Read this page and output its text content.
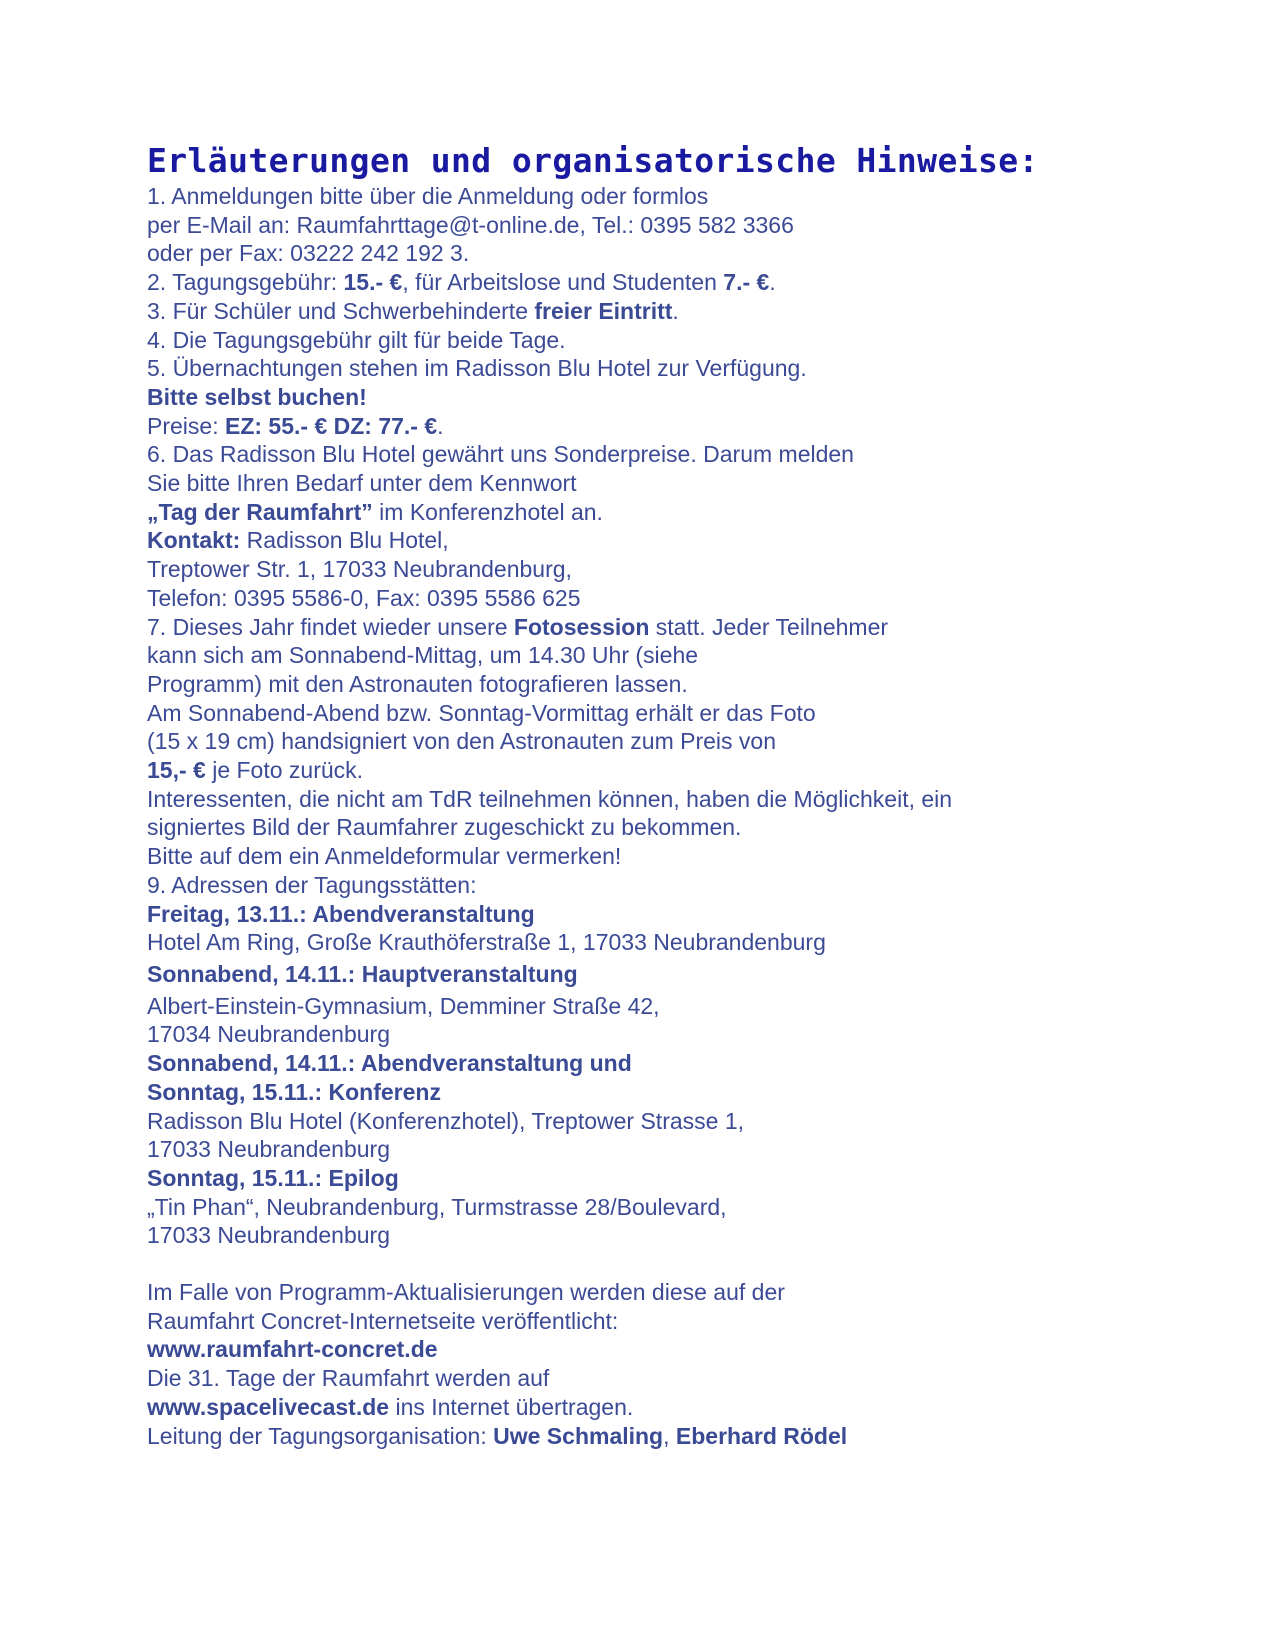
Erläuterungen und organisatorische Hinweise:
1. Anmeldungen bitte über die Anmeldung oder formlos
per E-Mail an: Raumfahrttage@t-online.de, Tel.: 0395 582 3366
oder per Fax: 03222 242 192 3.
2. Tagungsgebühr: 15.- €, für Arbeitslose und Studenten 7.- €.
3. Für Schüler und Schwerbehinderte freier Eintritt.
4. Die Tagungsgebühr gilt für beide Tage.
5. Übernachtungen stehen im Radisson Blu Hotel zur Verfügung.
Bitte selbst buchen!
Preise: EZ: 55.- € DZ: 77.- €.
6. Das Radisson Blu Hotel gewährt uns Sonderpreise. Darum melden
Sie bitte Ihren Bedarf unter dem Kennwort
„Tag der Raumfahrt” im Konferenzhotel an.
Kontakt: Radisson Blu Hotel,
Treptower Str. 1, 17033 Neubrandenburg,
Telefon: 0395 5586-0, Fax: 0395 5586 625
7. Dieses Jahr findet wieder unsere Fotosession statt. Jeder Teilnehmer
kann sich am Sonnabend-Mittag, um 14.30 Uhr (siehe
Programm) mit den Astronauten fotografieren lassen.
Am Sonnabend-Abend bzw. Sonntag-Vormittag erhält er das Foto
(15 x 19 cm) handsigniert von den Astronauten zum Preis von
15,- € je Foto zurück.
Interessenten, die nicht am TdR teilnehmen können, haben die Möglichkeit, ein
signiertes Bild der Raumfahrer zugeschickt zu bekommen.
Bitte auf dem ein Anmeldeformular vermerken!
9. Adressen der Tagungsstätten:
Freitag, 13.11.: Abendveranstaltung
Hotel Am Ring, Große Krauthöferstraße 1, 17033 Neubrandenburg
Sonnabend, 14.11.: Hauptveranstaltung
Albert-Einstein-Gymnasium, Demminer Straße 42,
17034 Neubrandenburg
Sonnabend, 14.11.: Abendveranstaltung und
Sonntag, 15.11.: Konferenz
Radisson Blu Hotel (Konferenzhotel), Treptower Strasse 1,
17033 Neubrandenburg
Sonntag, 15.11.: Epilog
„Tin Phan“, Neubrandenburg, Turmstrasse 28/Boulevard,
17033 Neubrandenburg
Im Falle von Programm-Aktualisierungen werden diese auf der
Raumfahrt Concret-Internetseite veröffentlicht:
www.raumfahrt-concret.de
Die 31. Tage der Raumfahrt werden auf
www.spacelivecast.de ins Internet übertragen.
Leitung der Tagungsorganisation: Uwe Schmaling, Eberhard Rödel
